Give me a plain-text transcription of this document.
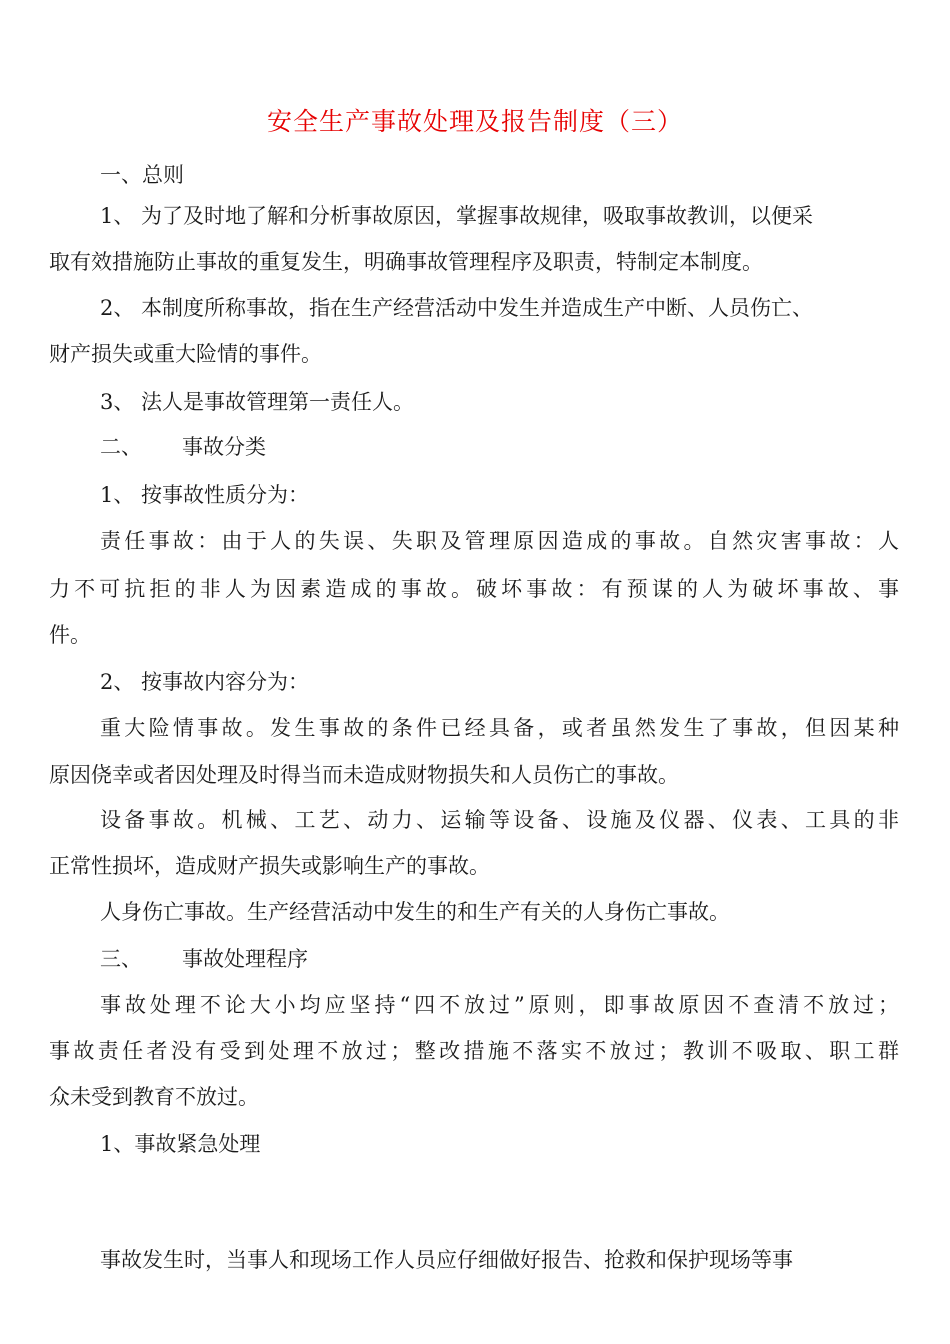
安全生产事故处理及报告制度（三）
一、总则
1、 为了及时地了解和分析事故原因，掌握事故规律，吸取事故教训，以便采
取有效措施防止事故的重复发生，明确事故管理程序及职责，特制定本制度。
2、 本制度所称事故，指在生产经营活动中发生并造成生产中断、人员伤亡、
财产损失或重大险情的事件。
3、 法人是事故管理第一责任人。
二、 事故分类
1、 按事故性质分为：
责任事故：由于人的失误、失职及管理原因造成的事故。自然灾害事故：人
力不可抗拒的非人为因素造成的事故。破坏事故：有预谋的人为破坏事故、事
件。
2、 按事故内容分为：
重大险情事故。发生事故的条件已经具备，或者虽然发生了事故，但因某种
原因侥幸或者因处理及时得当而未造成财物损失和人员伤亡的事故。
设备事故。机械、工艺、动力、运输等设备、设施及仪器、仪表、工具的非
正常性损坏，造成财产损失或影响生产的事故。
人身伤亡事故。生产经营活动中发生的和生产有关的人身伤亡事故。
三、 事故处理程序
事故处理不论大小均应坚持“四不放过”原则，即事故原因不查清不放过；
事故责任者没有受到处理不放过；整改措施不落实不放过；教训不吸取、职工群
众未受到教育不放过。
1、事故紧急处理
事故发生时，当事人和现场工作人员应仔细做好报告、抢救和保护现场等事
